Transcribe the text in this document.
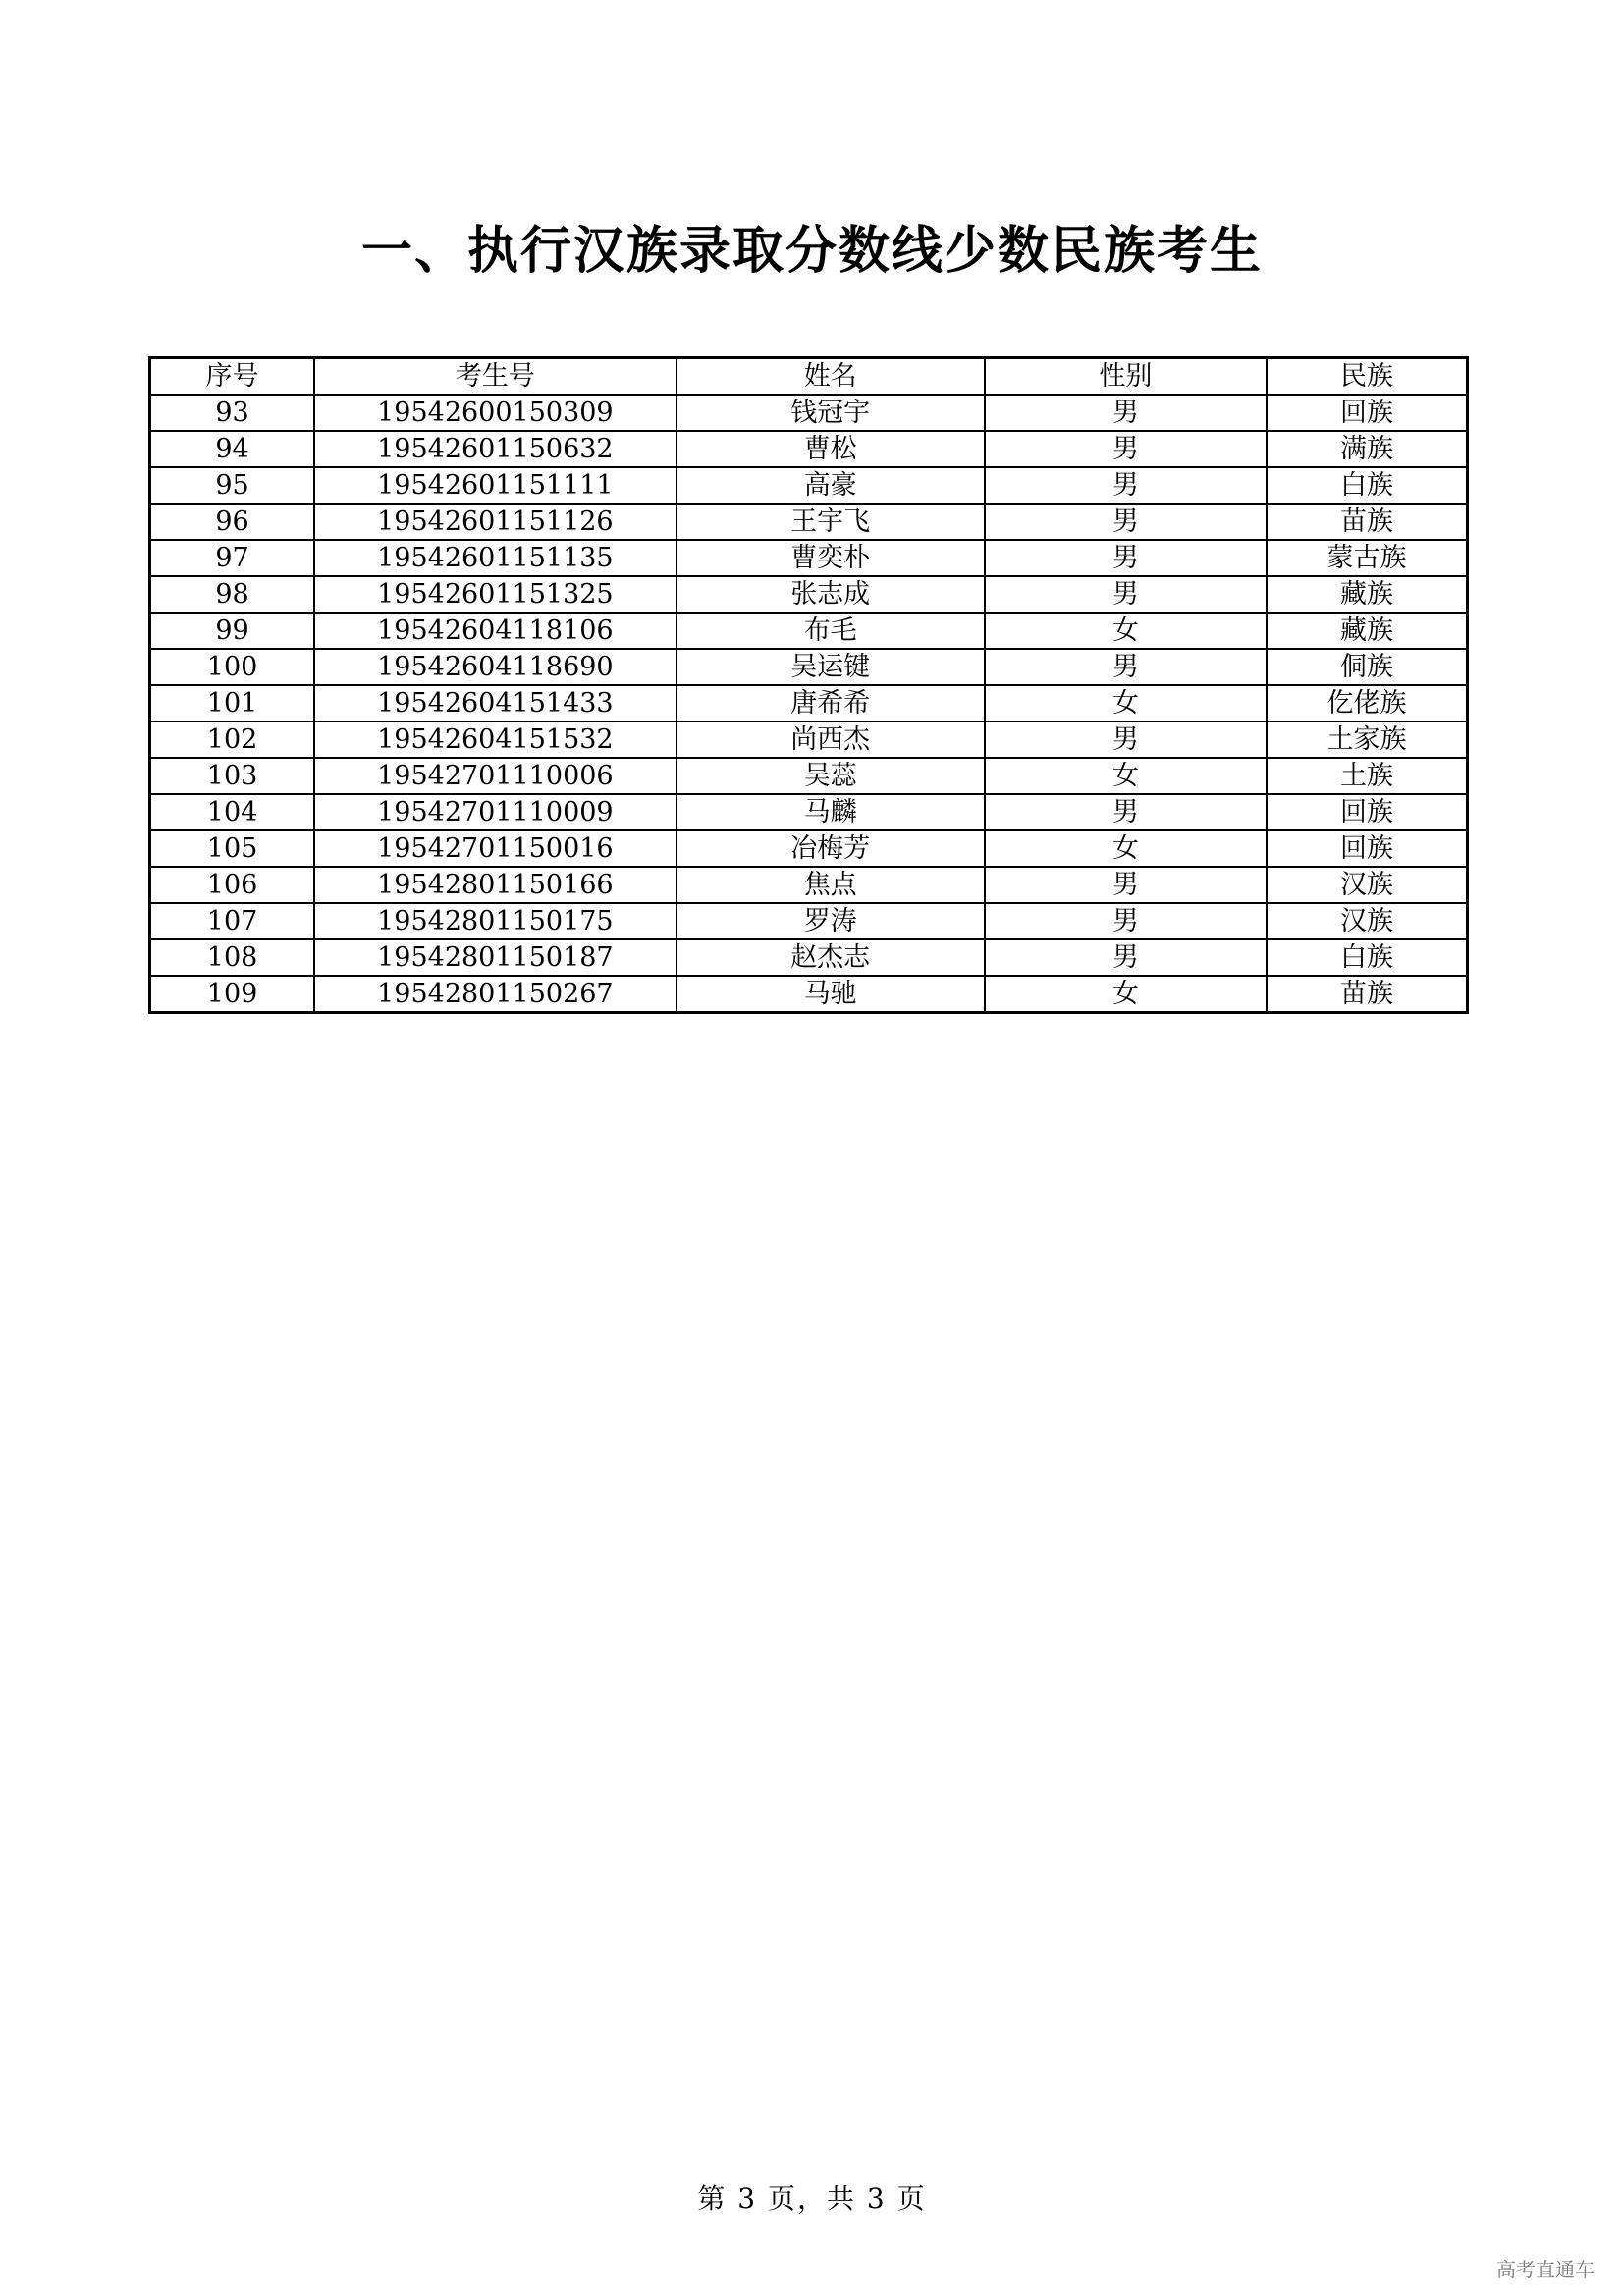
一、执行汉族录取分数线少数民族考生
序号	考生号	姓名	性别	民族
93	19542600150309	钱冠宇	男	回族
94	19542601150632	曹松	男	满族
95	19542601151111	高豪	男	白族
96	19542601151126	王宇飞	男	苗族
97	19542601151135	曹奕朴	男	蒙古族
98	19542601151325	张志成	男	藏族
99	19542604118106	布毛	女	藏族
100	19542604118690	吴运键	男	侗族
101	19542604151433	唐希希	女	仡佬族
102	19542604151532	尚西杰	男	土家族
103	19542701110006	吴蕊	女	土族
104	19542701110009	马麟	男	回族
105	19542701150016	冶梅芳	女	回族
106	19542801150166	焦点	男	汉族
107	19542801150175	罗涛	男	汉族
108	19542801150187	赵杰志	男	白族
109	19542801150267	马驰	女	苗族
第 3 页，共 3 页
高考直通车
